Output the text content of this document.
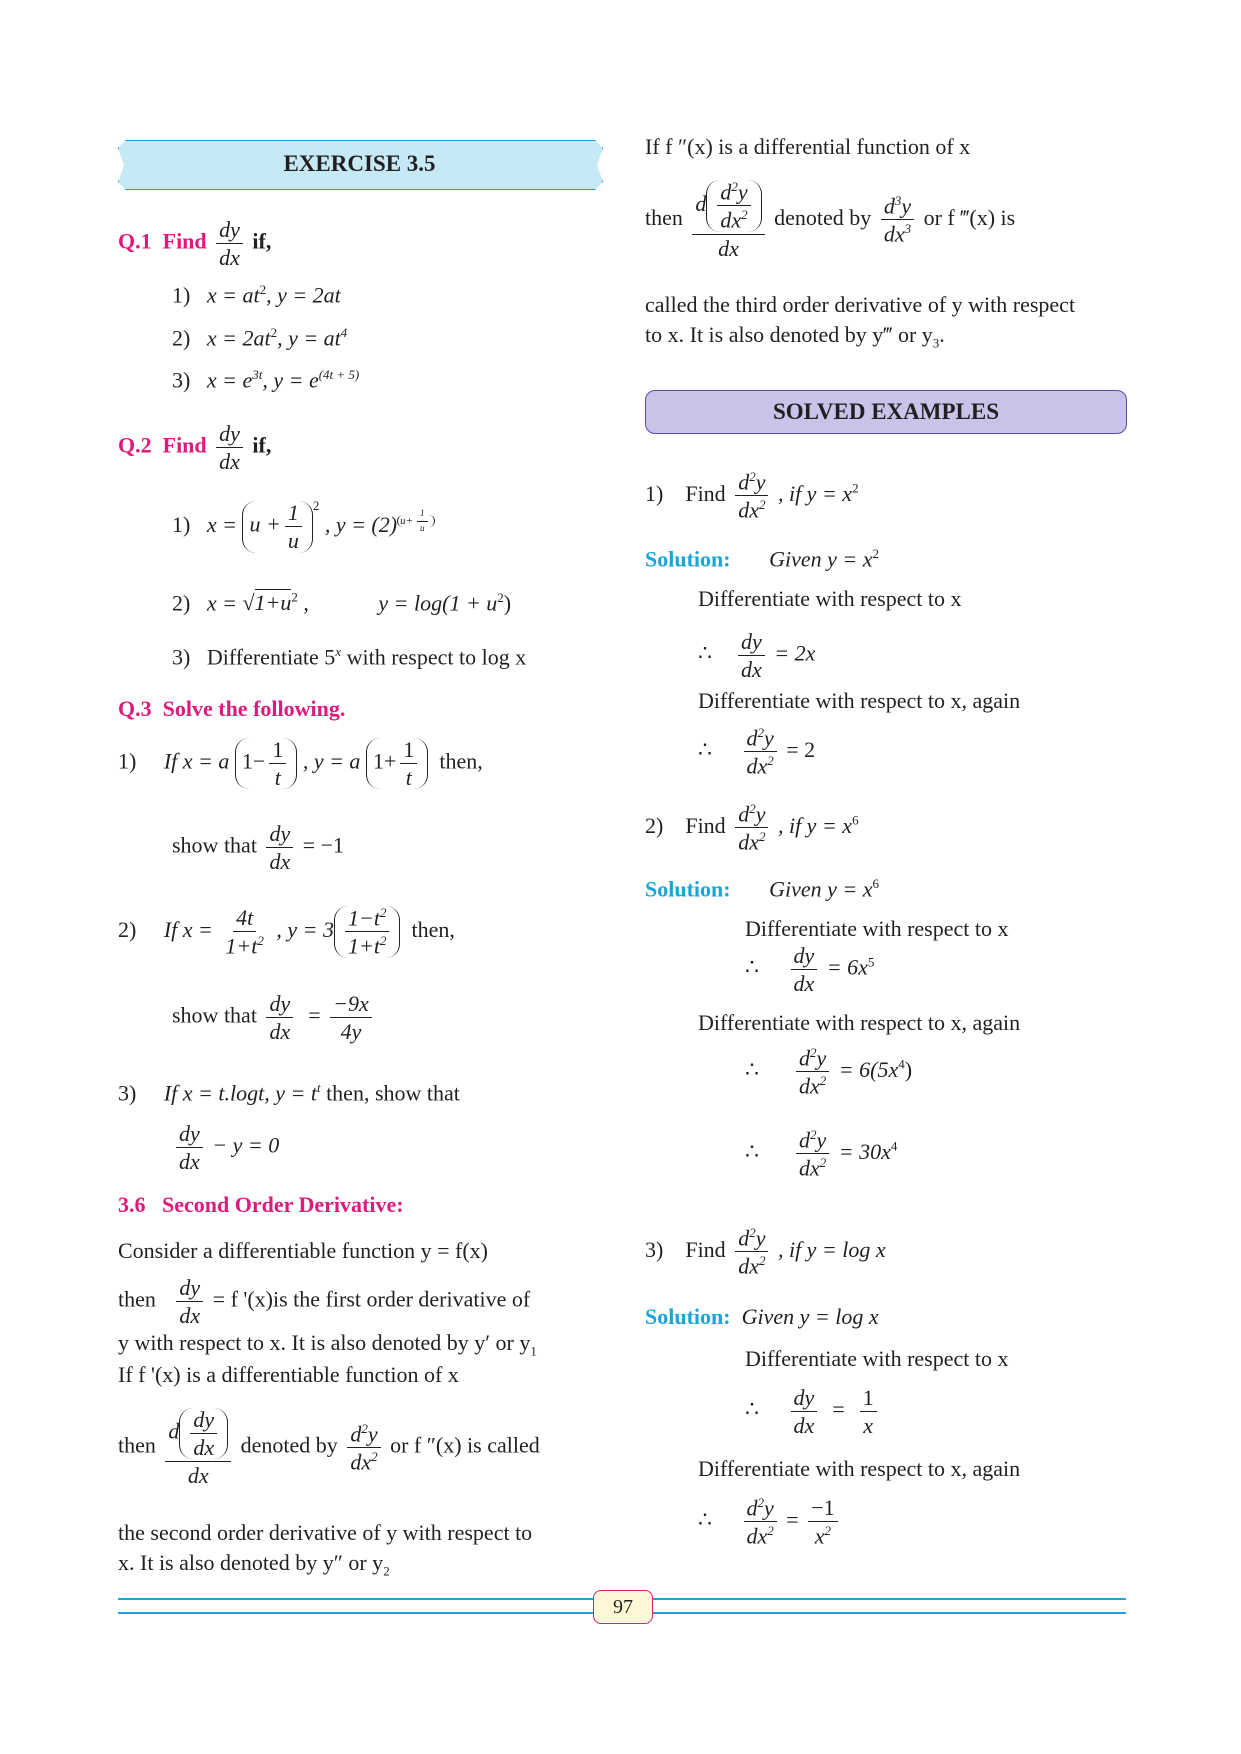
EXERCISE 3.5
Q.1 Find $\frac{dy}{dx}$ if,
1) $x = at^2$, y = 2at
2) $x = 2at^2$, $y = at^4$
3) $x = e^{3t}$, $y = e^{(4t + 5)}$
Q.2 Find $\frac{dy}{dx}$ if,
1) $x = u + \frac{1}{u} ^2$ , y = (2) $^{u+ \frac{1}{u}}$
2) $x = √1+u^2$ ,	$y = \log(1 + u^2)$
3) Differentiate 5$^x$ with respect to log x
Q.3 Solve the following.
1) If x = a $1- \frac{1}{t}$ , y = a $1+ \frac{1}{t}$ then,
show that $\frac{dy}{dx} = -1$
2) If $x = \frac{4t}{1+t^2}$ , $y = 3 \frac{1-t^2}{1+t^2}$ then,
show that $\frac{dy}{dx} = \frac{-9x}{4y}$
3) If x = t.logt, $y = t^t$ then, show that
$\frac{dy}{dx} - y = 0$
3.6 Second Order Derivative:
Consider a differentiable function y = f(x)
then $\frac{dy}{dx} = f$ '(x)is the first order derivative of
y with respect to x. It is also denoted by y′ or $y_1$
If f '(x) is a differentiable function of x
then $\frac{d \frac{dy}{dx}}{dx}$ denoted by $\frac{d^2y}{dx^2}$ or f ″(x) is called
the second order derivative of y with respect to
x. It is also denoted by y″ or $y_2$
If f ″(x) is a differential function of x
then $\frac{d \frac{d^2y}{dx^2}}{dx}$ denoted by $\frac{d^3y}{dx^3}$ or f ‴(x) is
called the third order derivative of y with respect
to x. It is also denoted by y‴ or $y_3$.
SOLVED EXAMPLES
1) Find $\frac{d^2y}{dx^2}$ , if $y = x^2$
Solution: Given $y = x^2$
Differentiate with respect to x
∴ $\frac{dy}{dx} = 2x$
Differentiate with respect to x, again
∴ $\frac{d^2y}{dx^2} = 2$
2) Find $\frac{d^2y}{dx^2}$ , if $y = x^6$
Solution: Given $y = x^6$
Differentiate with respect to x
∴ $\frac{dy}{dx} = 6x^5$
Differentiate with respect to x, again
∴ $\frac{d^2y}{dx^2} = 6(5x^4)$
∴ $\frac{d^2y}{dx^2} = 30x^4$
3) Find $\frac{d^2y}{dx^2}$ , if y = log x
Solution: Given y = log x
Differentiate with respect to x
∴ $\frac{dy}{dx} = \frac{1}{x}$
Differentiate with respect to x, again
∴ $\frac{d^2y}{dx^2} = \frac{-1}{x^2}$
97
